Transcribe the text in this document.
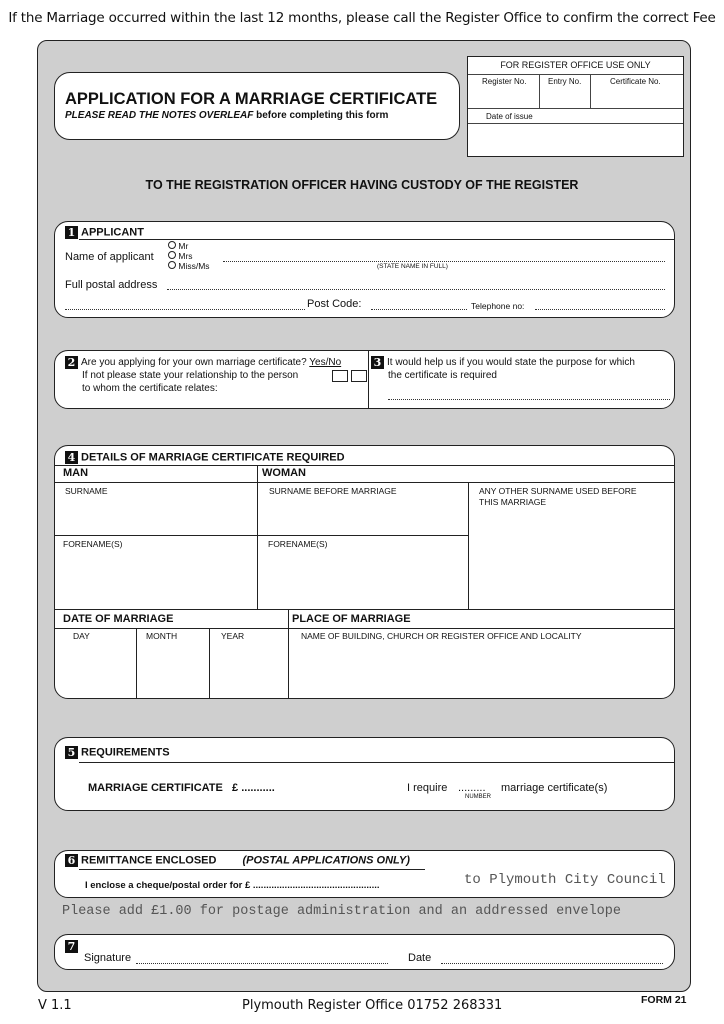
If the Marriage occurred within the last 12 months, please call the Register Office to confirm the correct Fee
APPLICATION FOR A MARRIAGE CERTIFICATE
PLEASE READ THE NOTES OVERLEAF before completing this form
FOR REGISTER OFFICE USE ONLY
Register No.	Entry No.	Certificate No.
Date of issue
TO THE REGISTRATION OFFICER HAVING CUSTODY OF THE REGISTER
1 APPLICANT
Name of applicant
Mr
Mrs
Miss/Ms	(STATE NAME IN FULL)
Full postal address
Post Code:	Telephone no:
2 Are you applying for your own marriage certificate? Yes/No
If not please state your relationship to the person
to whom the certificate relates:
3 It would help us if you would state the purpose for which
the certificate is required
4 DETAILS OF MARRIAGE CERTIFICATE REQUIRED
MAN	WOMAN
SURNAME	SURNAME BEFORE MARRIAGE	ANY OTHER SURNAME USED BEFORE
THIS MARRIAGE
FORENAME(S)	FORENAME(S)
DATE OF MARRIAGE	PLACE OF MARRIAGE
DAY	MONTH	YEAR	NAME OF BUILDING, CHURCH OR REGISTER OFFICE AND LOCALITY
5 REQUIREMENTS
MARRIAGE CERTIFICATE £ ...........	I require .........
NUMBER
marriage certificate(s)
6 REMITTANCE ENCLOSED (POSTAL APPLICATIONS ONLY)
I enclose a cheque/postal order for £ ................................................	to Plymouth City Council
Please add £1.00 for postage administration and an addressed envelope
7
Signature	Date
V 1.1	Plymouth Register Office 01752 268331	FORM 21
